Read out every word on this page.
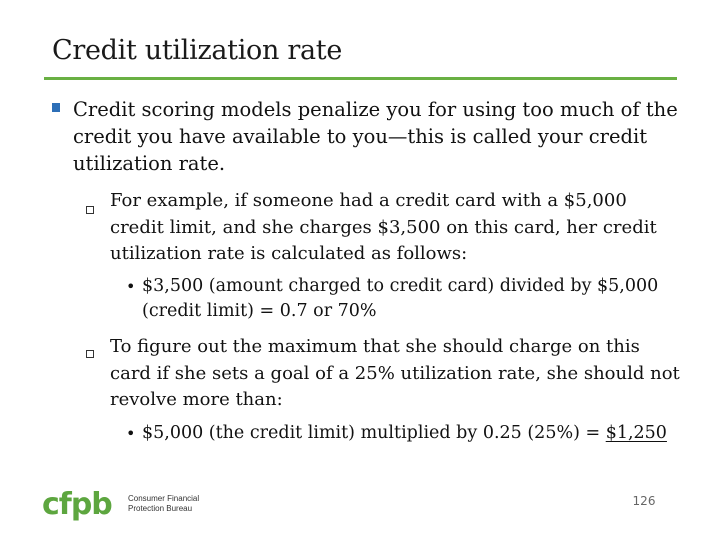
Credit utilization rate
Credit scoring models penalize you for using too much of the credit you have available to you—this is called your credit utilization rate.
For example, if someone had a credit card with a $5,000 credit limit, and she charges $3,500 on this card, her credit utilization rate is calculated as follows:
• $3,500 (amount charged to credit card) divided by $5,000 (credit limit) = 0.7 or 70%
To figure out the maximum that she should charge on this card if she sets a goal of a 25% utilization rate, she should not revolve more than:
• $5,000 (the credit limit) multiplied by 0.25 (25%) = $1,250
cfpb Consumer Financial
Protection Bureau
126
